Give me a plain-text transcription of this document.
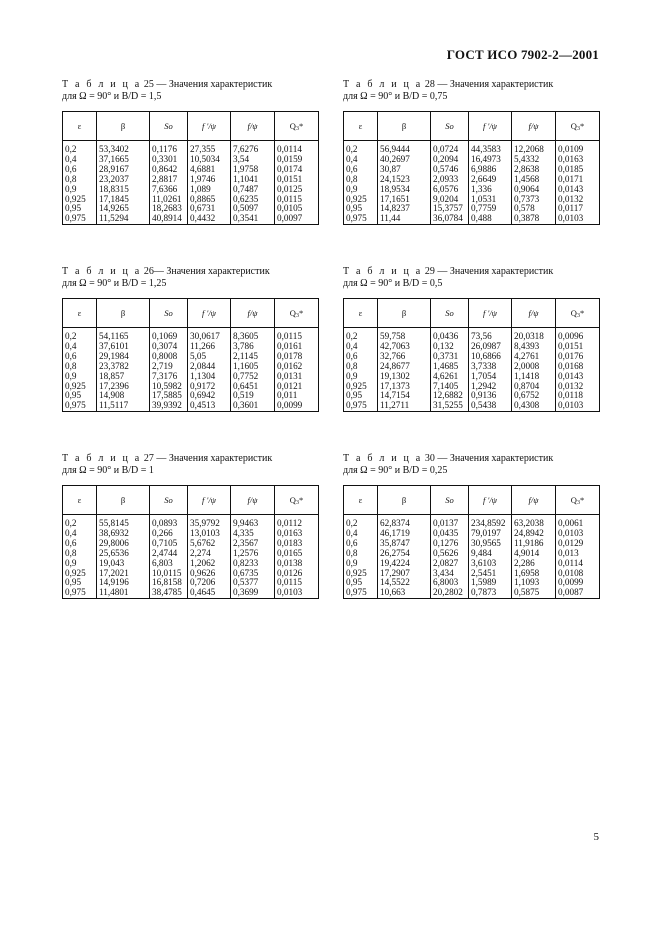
ГОСТ ИСО 7902-2—2001
Т а б л и ц а 25 — Значения характеристик
для Ω = 90° и B/D = 1,5
ε	β	So	f '/ψ	f/ψ	Q3*
0,2	53,3402	0,1176	27,355	7,6276	0,0114
0,4	37,1665	0,3301	10,5034	3,54	0,0159
0,6	28,9167	0,8642	4,6881	1,9758	0,0174
0,8	23,2037	2,8817	1,9746	1,1041	0,0151
0,9	18,8315	7,6366	1,089	0,7487	0,0125
0,925	17,1845	11,0261	0,8865	0,6235	0,0115
0,95	14,9265	18,2683	0,6731	0,5097	0,0105
0,975	11,5294	40,8914	0,4432	0,3541	0,0097
Т а б л и ц а 28 — Значения характеристик
для Ω = 90° и B/D = 0,75
ε	β	So	f '/ψ	f/ψ	Q3*
0,2	56,9444	0,0724	44,3583	12,2068	0,0109
0,4	40,2697	0,2094	16,4973	5,4332	0,0163
0,6	30,87	0,5746	6,9886	2,8638	0,0185
0,8	24,1523	2,0933	2,6649	1,4568	0,0171
0,9	18,9534	6,0576	1,336	0,9064	0,0143
0,925	17,1651	9,0204	1,0531	0,7373	0,0132
0,95	14,8237	15,3757	0,7759	0,578	0,0117
0,975	11,44	36,0784	0,488	0,3878	0,0103
Т а б л и ц а 26— Значения характеристик
для Ω = 90° и B/D = 1,25
ε	β	So	f '/ψ	f/ψ	Q3*
0,2	54,1165	0,1069	30,0617	8,3605	0,0115
0,4	37,6101	0,3074	11,266	3,786	0,0161
0,6	29,1984	0,8008	5,05	2,1145	0,0178
0,8	23,3782	2,719	2,0844	1,1605	0,0162
0,9	18,857	7,3176	1,1304	0,7752	0,0131
0,925	17,2396	10,5982	0,9172	0,6451	0,0121
0,95	14,908	17,5885	0,6942	0,519	0,011
0,975	11,5117	39,9392	0,4513	0,3601	0,0099
Т а б л и ц а 29 — Значения характеристик
для Ω = 90° и B/D = 0,5
ε	β	So	f '/ψ	f/ψ	Q3*
0,2	59,758	0,0436	73,56	20,0318	0,0096
0,4	42,7063	0,132	26,0987	8,4393	0,0151
0,6	32,766	0,3731	10,6866	4,2761	0,0176
0,8	24,8677	1,4685	3,7338	2,0008	0,0168
0,9	19,1302	4,6261	1,7054	1,1418	0,0143
0,925	17,1373	7,1405	1,2942	0,8704	0,0132
0,95	14,7154	12,6882	0,9136	0,6752	0,0118
0,975	11,2711	31,5255	0,5438	0,4308	0,0103
Т а б л и ц а 27 — Значения характеристик
для Ω = 90° и B/D = 1
ε	β	So	f '/ψ	f/ψ	Q3*
0,2	55,8145	0,0893	35,9792	9,9463	0,0112
0,4	38,6932	0,266	13,0103	4,335	0,0163
0,6	29,8006	0,7105	5,6762	2,3567	0,0183
0,8	25,6536	2,4744	2,274	1,2576	0,0165
0,9	19,043	6,803	1,2062	0,8233	0,0138
0,925	17,2021	10,0115	0,9626	0,6735	0,0126
0,95	14,9196	16,8158	0,7206	0,5377	0,0115
0,975	11,4801	38,4785	0,4645	0,3699	0,0103
Т а б л и ц а 30 — Значения характеристик
для Ω = 90° и B/D = 0,25
ε	β	So	f '/ψ	f/ψ	Q3*
0,2	62,8374	0,0137	234,8592	63,2038	0,0061
0,4	46,1719	0,0435	79,0197	24,8942	0,0103
0,6	35,8747	0,1276	30,9565	11,9186	0,0129
0,8	26,2754	0,5626	9,484	4,9014	0,013
0,9	19,4224	2,0827	3,6103	2,286	0,0114
0,925	17,2907	3,434	2,5451	1,6958	0,0108
0,95	14,5522	6,8003	1,5989	1,1093	0,0099
0,975	10,663	20,2802	0,7873	0,5875	0,0087
5
